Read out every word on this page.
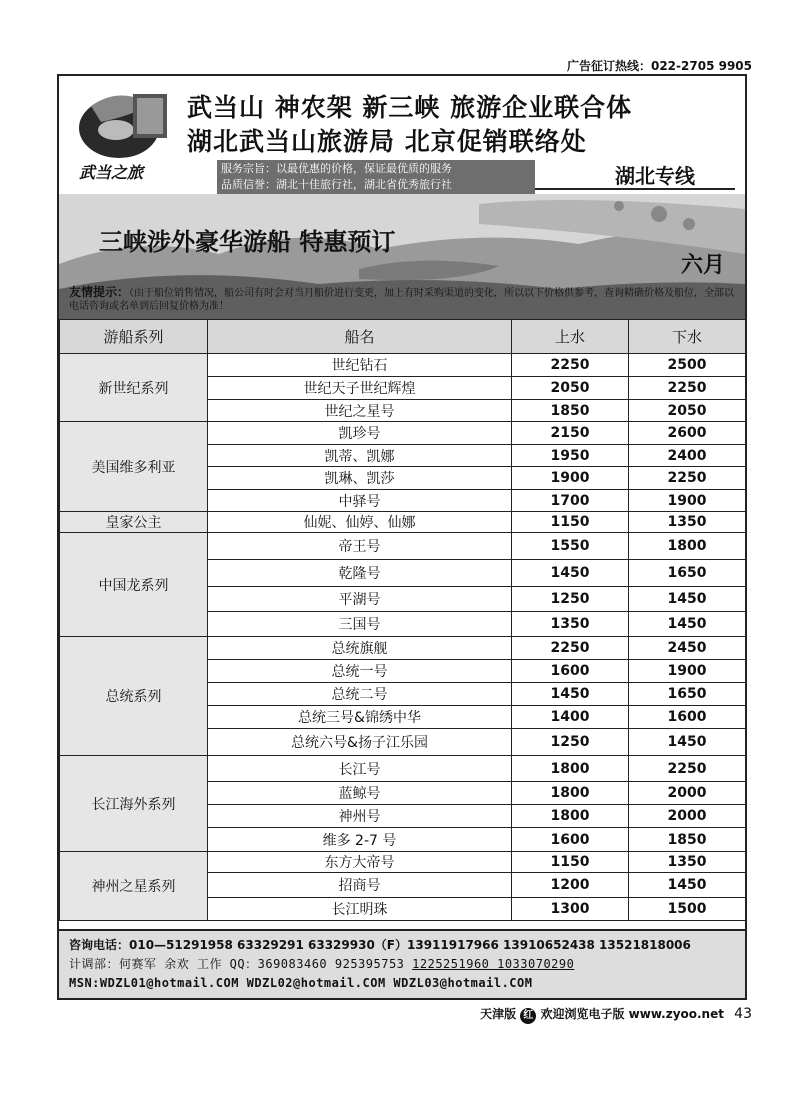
广告征订热线：022-2705 9905
武当之旅
武当山 神农架 新三峡 旅游企业联合体
湖北武当山旅游局 北京促销联络处
服务宗旨：以最优惠的价格，保证最优质的服务
品质信誉：湖北十佳旅行社，湖北省优秀旅行社	湖北专线
三峡涉外豪华游船 特惠预订
六月
友情提示：（由于船位销售情况，船公司有时会对当月船价进行变更，加上有时采购渠道的变化，所以以下价格供参考，查询精确价格及船位，全部以电话咨询或名单到后回复价格为准！
游船系列	船名	上水	下水
新世纪系列	世纪钻石	2250	2500
	世纪天子世纪辉煌	2050	2250
	世纪之星号	1850	2050
美国维多利亚	凯珍号	2150	2600
	凯蒂、凯娜	1950	2400
	凯琳、凯莎	1900	2250
	中驿号	1700	1900
皇家公主	仙妮、仙婷、仙娜	1150	1350
中国龙系列	帝王号	1550	1800
	乾隆号	1450	1650
	平湖号	1250	1450
	三国号	1350	1450
总统系列	总统旗舰	2250	2450
	总统一号	1600	1900
	总统二号	1450	1650
	总统三号&锦绣中华	1400	1600
	总统六号&扬子江乐园	1250	1450
长江海外系列	长江号	1800	2250
	蓝鲸号	1800	2000
	神州号	1800	2000
	维多 2-7 号	1600	1850
神州之星系列	东方大帝号	1150	1350
	招商号	1200	1450
	长江明珠	1300	1500
咨询电话：010—51291958 63329291 63329930（F）13911917966 13910652438 13521818006
计调部：何赛军 余欢 工作 QQ：369083460 925395753 1225251960 1033070290
MSN:WDZL01@hotmail.COM WDZL02@hotmail.COM WDZL03@hotmail.COM
天津版 红 欢迎浏览电子版 www.zyoo.net 43
